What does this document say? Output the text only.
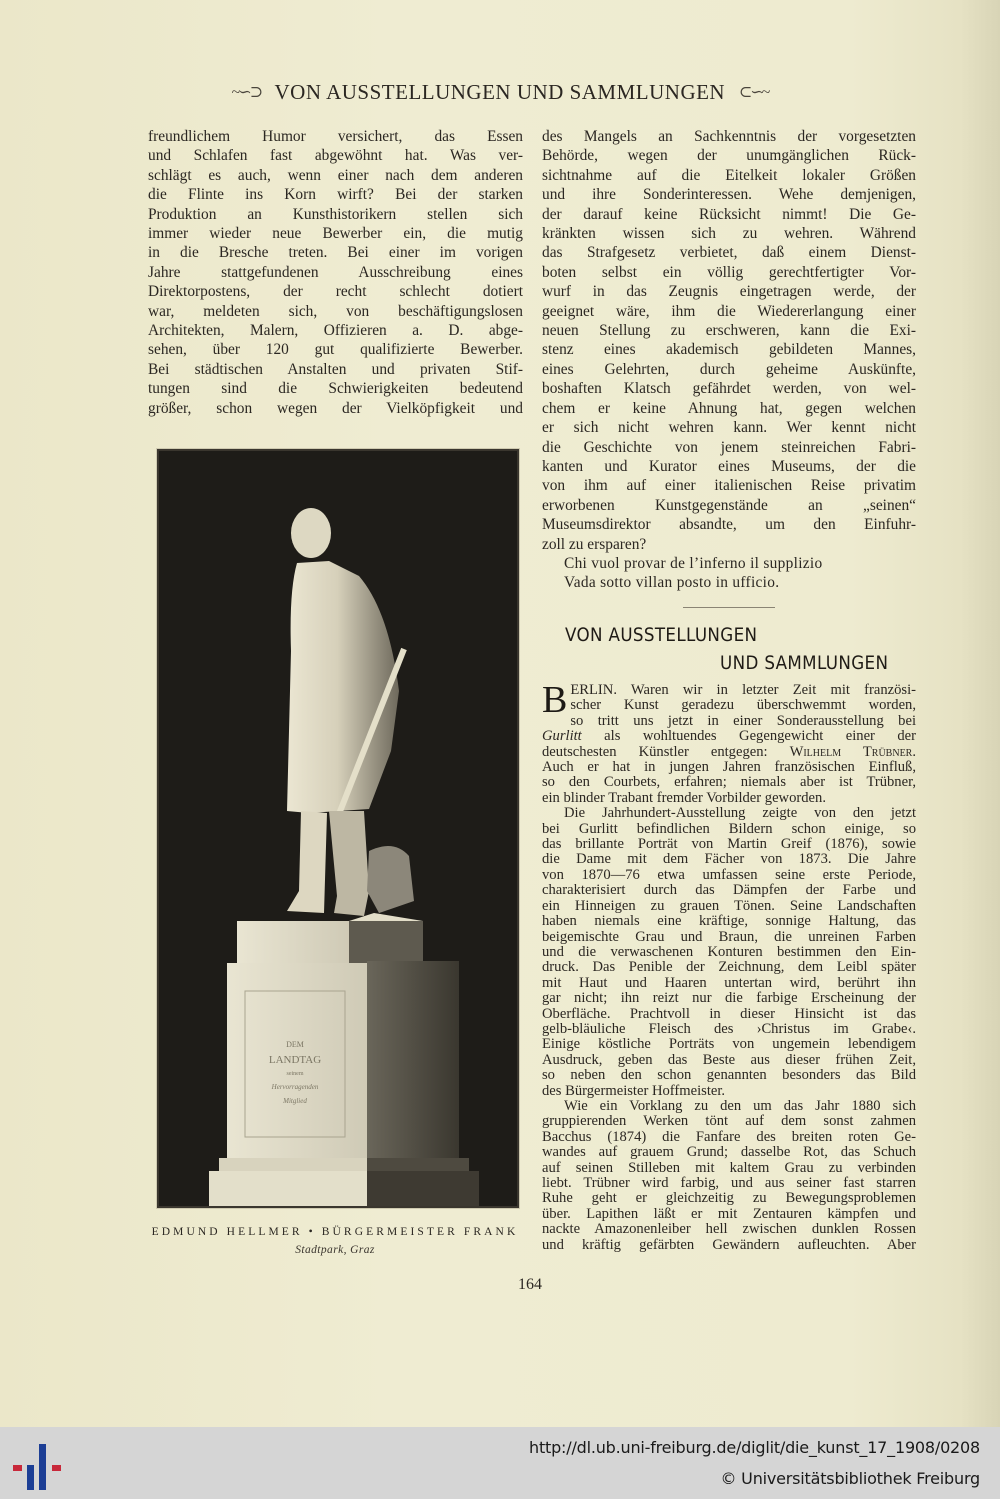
~∽⊃ VON AUSSTELLUNGEN UND SAMMLUNGEN ⊂∽~
freundlichem Humor versichert, das Essen
und Schlafen fast abgewöhnt hat. Was ver-
schlägt es auch, wenn einer nach dem anderen
die Flinte ins Korn wirft? Bei der starken
Produktion an Kunsthistorikern stellen sich
immer wieder neue Bewerber ein, die mutig
in die Bresche treten. Bei einer im vorigen
Jahre stattgefundenen Ausschreibung eines
Direktorpostens, der recht schlecht dotiert
war, meldeten sich, von beschäftigungslosen
Architekten, Malern, Offizieren a. D. abge-
sehen, über 120 gut qualifizierte Bewerber.
Bei städtischen Anstalten und privaten Stif-
tungen sind die Schwierigkeiten bedeutend
größer, schon wegen der Vielköpfigkeit und
des Mangels an Sachkenntnis der vorgesetzten
Behörde, wegen der unumgänglichen Rück-
sichtnahme auf die Eitelkeit lokaler Größen
und ihre Sonderinteressen. Wehe demjenigen,
der darauf keine Rücksicht nimmt! Die Ge-
kränkten wissen sich zu wehren. Während
das Strafgesetz verbietet, daß einem Dienst-
boten selbst ein völlig gerechtfertigter Vor-
wurf in das Zeugnis eingetragen werde, der
geeignet wäre, ihm die Wiedererlangung einer
neuen Stellung zu erschweren, kann die Exi-
stenz eines akademisch gebildeten Mannes,
eines Gelehrten, durch geheime Auskünfte,
boshaften Klatsch gefährdet werden, von wel-
chem er keine Ahnung hat, gegen welchen
er sich nicht wehren kann. Wer kennt nicht
die Geschichte von jenem steinreichen Fabri-
kanten und Kurator eines Museums, der die
von ihm auf einer italienischen Reise privatim
erworbenen Kunstgegenstände an „seinen“
Museumsdirektor absandte, um den Einfuhr-
zoll zu ersparen?
Chi vuol provar de l’inferno il supplizio
Vada sotto villan posto in ufficio.
VON AUSSTELLUNGEN
UND SAMMLUNGEN
B ERLIN. Waren wir in letzter Zeit mit französi-
scher Kunst geradezu überschwemmt worden,
so tritt uns jetzt in einer Sonderausstellung bei
Gurlitt als wohltuendes Gegengewicht einer der
deutschesten Künstler entgegen: Wilhelm Trübner.
Auch er hat in jungen Jahren französischen Einfluß,
so den Courbets, erfahren; niemals aber ist Trübner,
ein blinder Trabant fremder Vorbilder geworden.
Die Jahrhundert-Ausstellung zeigte von den jetzt
bei Gurlitt befindlichen Bildern schon einige, so
das brillante Porträt von Martin Greif (1876), sowie
die Dame mit dem Fächer von 1873. Die Jahre
von 1870—76 etwa umfassen seine erste Periode,
charakterisiert durch das Dämpfen der Farbe und
ein Hinneigen zu grauen Tönen. Seine Landschaften
haben niemals eine kräftige, sonnige Haltung, das
beigemischte Grau und Braun, die unreinen Farben
und die verwaschenen Konturen bestimmen den Ein-
druck. Das Penible der Zeichnung, dem Leibl später
mit Haut und Haaren untertan wird, berührt ihn
gar nicht; ihn reizt nur die farbige Erscheinung der
Oberfläche. Prachtvoll in dieser Hinsicht ist das
gelb-bläuliche Fleisch des ›Christus im Grabe‹.
Einige köstliche Porträts von ungemein lebendigem
Ausdruck, geben das Beste aus dieser frühen Zeit,
so neben den schon genannten besonders das Bild
des Bürgermeister Hoffmeister.
Wie ein Vorklang zu den um das Jahr 1880 sich
gruppierenden Werken tönt auf dem sonst zahmen
Bacchus (1874) die Fanfare des breiten roten Ge-
wandes auf grauem Grund; dasselbe Rot, das Schuch
auf seinen Stilleben mit kaltem Grau zu verbinden
liebt. Trübner wird farbig, und aus seiner fast starren
Ruhe geht er gleichzeitig zu Bewegungsproblemen
über. Lapithen läßt er mit Zentauren kämpfen und
nackte Amazonenleiber hell zwischen dunklen Rossen
und kräftig gefärbten Gewändern aufleuchten. Aber
DEM
LANDTAG
seinem
Hervorragenden
Mitglied
EDMUND HELLMER • BÜRGERMEISTER FRANK
Stadtpark, Graz
164
http://dl.ub.uni-freiburg.de/diglit/die_kunst_17_1908/0208
© Universitätsbibliothek Freiburg
